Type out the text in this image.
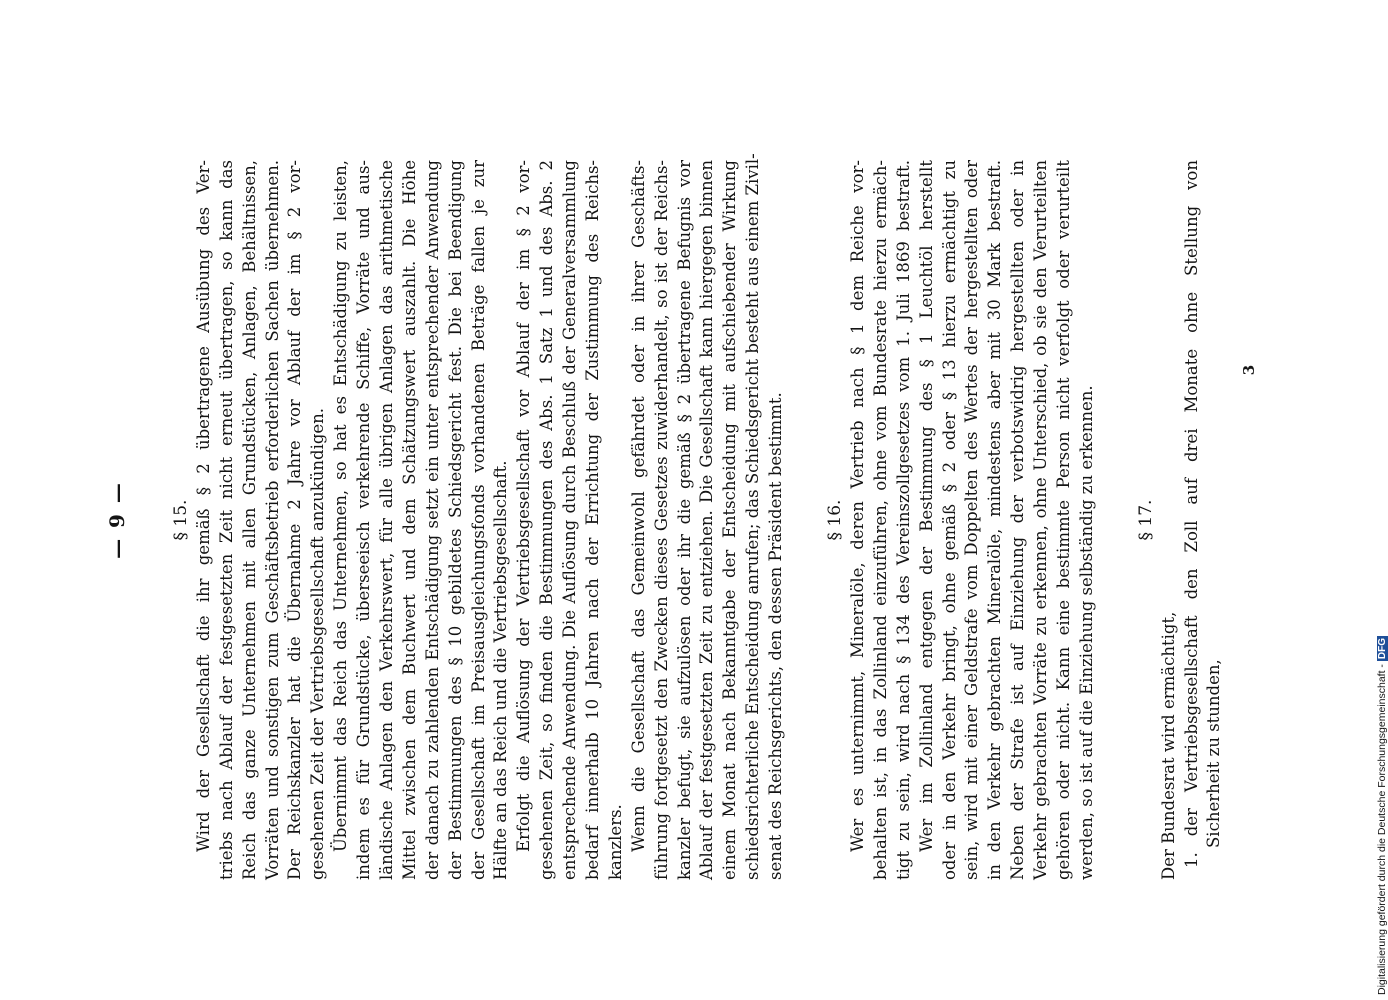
— 9 — § 15. Wird der Gesellschaft die ihr gemäß § 2 übertragene Ausübung des Ver- triebs nach Ablauf der festgesetzten Zeit nicht erneut übertragen, so kann das Reich das ganze Unternehmen mit allen Grundstücken, Anlagen, Behältnissen, Vorräten und sonstigen zum Geschäftsbetrieb erforderlichen Sachen übernehmen. Der Reichskanzler hat die Übernahme 2 Jahre vor Ablauf der im § 2 vor- gesehenen Zeit der Vertriebsgesellschaft anzukündigen. Übernimmt das Reich das Unternehmen, so hat es Entschädigung zu leisten, indem es für Grundstücke, überseeisch verkehrende Schiffe, Vorräte und aus- ländische Anlagen den Verkehrswert, für alle übrigen Anlagen das arithmetische Mittel zwischen dem Buchwert und dem Schätzungswert auszahlt. Die Höhe der danach zu zahlenden Entschädigung setzt ein unter entsprechender Anwendung der Bestimmungen des § 10 gebildetes Schiedsgericht fest. Die bei Beendigung der Gesellschaft im Preisausgleichungsfonds vorhandenen Beträge fallen je zur Hälfte an das Reich und die Vertriebsgesellschaft. Erfolgt die Auflösung der Vertriebsgesellschaft vor Ablauf der im § 2 vor- gesehenen Zeit, so finden die Bestimmungen des Abs. 1 Satz 1 und des Abs. 2 entsprechende Anwendung. Die Auflösung durch Beschluß der Generalversammlung bedarf innerhalb 10 Jahren nach der Errichtung der Zustimmung des Reichs- kanzlers. Wenn die Gesellschaft das Gemeinwohl gefährdet oder in ihrer Geschäfts- führung fortgesetzt den Zwecken dieses Gesetzes zuwiderhandelt, so ist der Reichs- kanzler befugt, sie aufzulösen oder ihr die gemäß § 2 übertragene Befugnis vor Ablauf der festgesetzten Zeit zu entziehen. Die Gesellschaft kann hiergegen binnen einem Monat nach Bekanntgabe der Entscheidung mit aufschiebender Wirkung schiedsrichterliche Entscheidung anrufen; das Schiedsgericht besteht aus einem Zivil- senat des Reichsgerichts, den dessen Präsident bestimmt. § 16. Wer es unternimmt, Mineralöle, deren Vertrieb nach § 1 dem Reiche vor- behalten ist, in das Zollinland einzuführen, ohne vom Bundesrate hierzu ermäch- tigt zu sein, wird nach § 134 des Vereinszollgesetzes vom 1. Juli 1869 bestraft. Wer im Zollinland entgegen der Bestimmung des § 1 Leuchtöl herstellt oder in den Verkehr bringt, ohne gemäß § 2 oder § 13 hierzu ermächtigt zu sein, wird mit einer Geldstrafe vom Doppelten des Wertes der hergestellten oder in den Verkehr gebrachten Mineralöle, mindestens aber mit 30 Mark bestraft. Neben der Strafe ist auf Einziehung der verbotswidrig hergestellten oder in Verkehr gebrachten Vorräte zu erkennen, ohne Unterschied, ob sie den Verurteilten gehören oder nicht. Kann eine bestimmte Person nicht verfolgt oder verurteilt werden, so ist auf die Einziehung selbständig zu erkennen. § 17.
Der Bundesrat wird ermächtigt, 1. der Vertriebsgesellschaft den Zoll auf drei Monate ohne Stellung von Sicherheit zu stunden,
3
Digitalisierung gefördert durch die Deutsche Forschungsgemeinschaft -DFG
